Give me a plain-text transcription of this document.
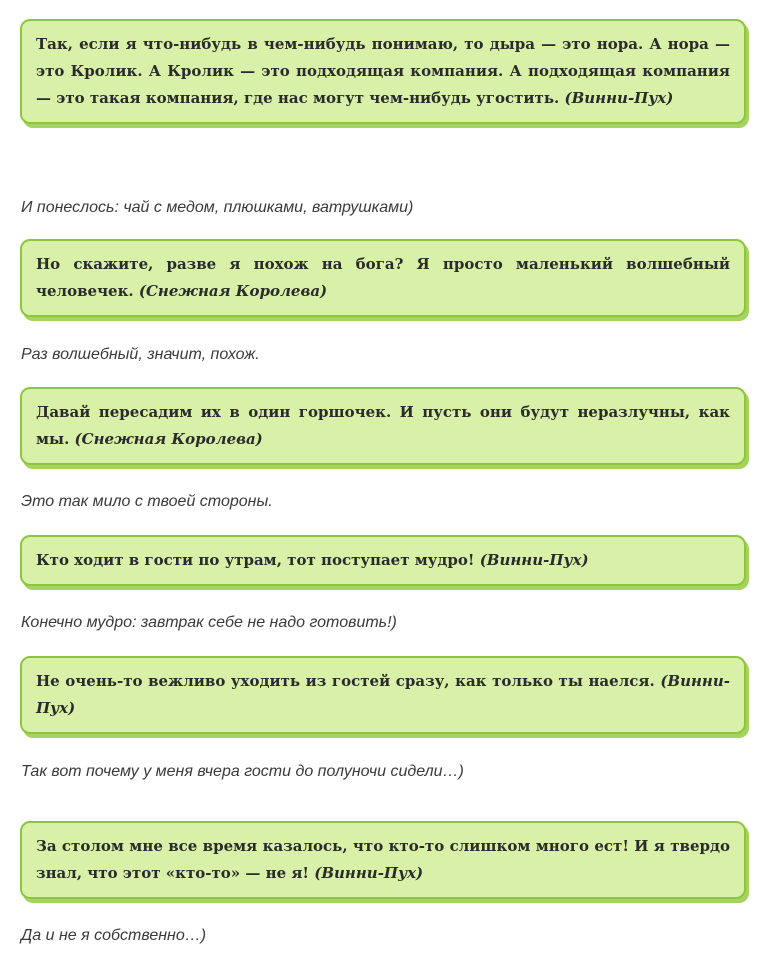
Так, если я что-нибудь в чем-нибудь понимаю, то дыра — это нора. А нора — это Кролик. А Кролик — это подходящая компания. А подходящая компания — это такая компания, где нас могут чем-нибудь угостить. (Винни-Пух)
И понеслось: чай с медом, плюшками, ватрушками)
Но скажите, разве я похож на бога? Я просто маленький волшебный человечек. (Снежная Королева)
Раз волшебный, значит, похож.
Давай пересадим их в один горшочек. И пусть они будут неразлучны, как мы. (Снежная Королева)
Это так мило с твоей стороны.
Кто ходит в гости по утрам, тот поступает мудро! (Винни-Пух)
Конечно мудро: завтрак себе не надо готовить!)
Не очень-то вежливо уходить из гостей сразу, как только ты наелся. (Винни-Пух)
Так вот почему у меня вчера гости до полуночи сидели…)
За столом мне все время казалось, что кто-то слишком много ест! И я твердо знал, что этот «кто-то» — не я! (Винни-Пух)
Да и не я собственно…)
